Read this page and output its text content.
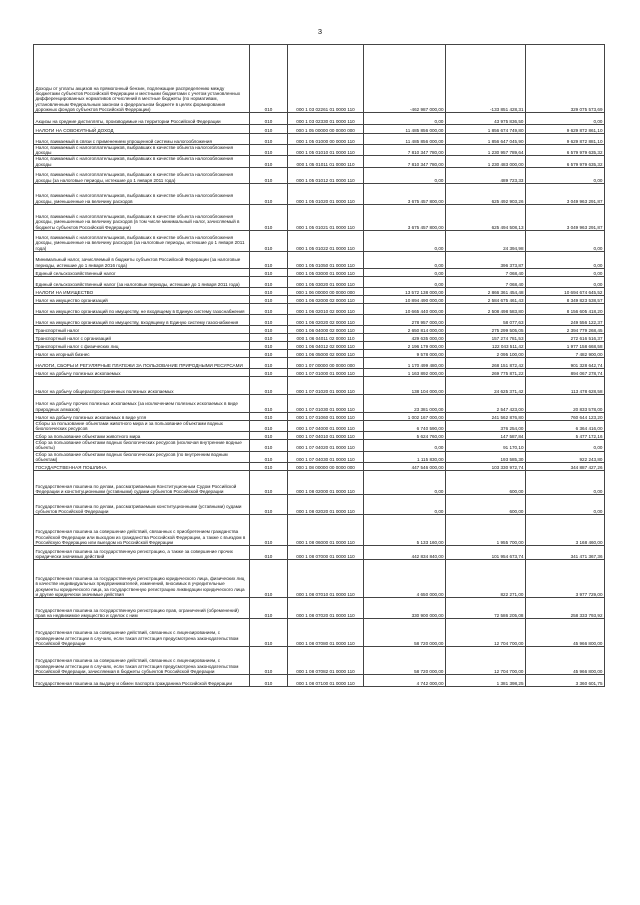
3
Доходы от уплаты акцизов на прямогонный бензин, подлежащие распределению между бюджетами субъектов Российской Федерации и местными бюджетами с учетом установленных дифференцированных нормативов отчислений в местные бюджеты (по нормативам, установленным Федеральным законом о федеральном бюджете в целях формирования дорожных фондов субъектов Российской Федерации)	010	000 1 03 02261 01 0000 110	-462 987 000,00	-133 851 428,31	329 075 573,69
Акцизы на средние дистилляты, производимые на территории Российской Федерации	010	000 1 03 02330 01 0000 110	0,00	43 975 836,50	0,00
НАЛОГИ НА СОВОКУПНЫЙ ДОХОД	010	000 1 05 00000 00 0000 000	11 485 856 000,00	1 856 674 749,80	9 629 872 861,10
Налог, взимаемый в связи с применением упрощенной системы налогообложения	010	000 1 05 01000 00 0000 110	11 485 856 000,00	1 856 647 045,90	9 629 872 881,10
Налог, взимаемый с налогоплательщиков, выбравших в качестве объекта налогообложения доходы	010	000 1 05 01010 01 0000 110	7 810 347 780,00	1 230 957 789,64	6 579 979 635,32
Налог, взимаемый с налогоплательщиков, выбравших в качестве объекта налогообложения доходы	010	000 1 05 01011 01 0000 110	7 810 347 780,00	1 230 483 000,00	6 579 979 635,32
Налог, взимаемый с налогоплательщиков, выбравших в качестве объекта налогообложения доходы (за налоговые периоды, истекшие до 1 января 2011 года)	010	000 1 05 01012 01 0000 110	0,00	489 723,33	0,00
Налог, взимаемый с налогоплательщиков, выбравших в качестве объекта налогообложения доходы, уменьшенные на величину расходов	010	000 1 05 01020 01 0000 110	3 675 457 800,00	625 492 903,26	3 049 963 291,87
Налог, взимаемый с налогоплательщиков, выбравших в качестве объекта налогообложения доходы, уменьшенные на величину расходов (в том числе минимальный налог, зачисляемый в бюджеты субъектов Российской Федерации)	010	000 1 05 01021 01 0000 110	3 675 457 800,00	625 494 508,13	3 049 963 291,87
Налог, взимаемый с налогоплательщиков, выбравших в качестве объекта налогообложения доходы, уменьшенные на величину расходов (за налоговые периоды, истекшие до 1 января 2011 года)	010	000 1 05 01022 01 0000 110	0,00	24 394,98	0,00
Минимальный налог, зачисляемый в бюджеты субъектов Российской Федерации (за налоговые периоды, истекшие до 1 января 2016 года)	010	000 1 05 01050 01 0000 110	0,00	396 373,87	0,00
Единый сельскохозяйственный налог	010	000 1 05 03000 01 0000 110	0,00	7 068,40	0,00
Единый сельскохозяйственный налог (за налоговые периоды, истекшие до 1 января 2011 года)	010	000 1 05 03020 01 0000 110	0,00	7 068,40	0,00
НАЛОГИ НА ИМУЩЕСТВО	010	000 1 06 00000 00 0000 000	13 572 138 000,00	2 866 361 454,48	10 694 674 645,52
Налог на имущество организаций	010	000 1 06 02000 02 0000 110	10 894 490 000,00	2 584 675 461,43	8 349 823 538,57
Налог на имущество организаций по имуществу, не входящему в Единую систему газоснабжения	010	000 1 06 02010 02 0000 110	10 665 440 000,00	2 508 498 583,80	8 156 605 418,20
Налог на имущество организаций по имуществу, входящему в Единую систему газоснабжения	010	000 1 06 02020 02 0000 110	278 957 000,00	58 077,63	249 556 122,37
Транспортный налог	010	000 1 06 04000 02 0000 110	2 650 814 000,00	275 299 505,05	2 394 779 268,45
Транспортный налог с организаций	010	000 1 06 04011 02 0000 110	429 635 000,00	157 274 781,53	272 616 516,37
Транспортный налог с физических лиц	010	000 1 06 04012 02 0000 110	2 196 179 000,00	122 043 511,42	1 977 158 668,58
Налог на игорный бизнес	010	000 1 06 05000 02 0000 110	9 578 000,00	2 095 100,00	7 482 900,00
НАЛОГИ, СБОРЫ И РЕГУЛЯРНЫЕ ПЛАТЕЖИ ЗА ПОЛЬЗОВАНИЕ ПРИРОДНЫМИ РЕСУРСАМИ	010	000 1 07 00000 00 0000 000	1 170 499 480,00	268 151 872,42	901 328 642,74
Налог на добычу полезных ископаемых	010	000 1 07 01000 01 0000 110	1 163 892 000,00	269 775 871,22	894 067 278,74
Налог на добычу общераспространенных полезных ископаемых	010	000 1 07 01020 01 0000 110	138 104 000,00	24 625 371,42	113 478 628,58
Налог на добычу прочих полезных ископаемых (за исключением полезных ископаемых в виде природных алмазов)	010	000 1 07 01030 01 0000 110	23 381 000,00	2 547 423,00	20 833 578,00
Налог на добычу полезных ископаемых в виде угля	010	000 1 07 01060 01 0000 110	1 002 167 000,00	241 562 876,80	760 644 123,20
Сборы за пользование объектами животного мира и за пользование объектами водных биологических ресурсов	010	000 1 07 04000 01 0000 110	6 740 590,00	376 254,00	6 364 416,00
Сбор за пользование объектами животного мира	010	000 1 07 04010 01 0000 110	5 624 760,00	147 587,84	5 477 172,16
Сбор за пользование объектами водных биологических ресурсов (исключая внутренние водные объекты)	010	000 1 07 04020 01 0000 110	0,00	91 170,10	0,00
Сбор за пользование объектами водных биологических ресурсов (по внутренним водным объектам)	010	000 1 07 04030 01 0000 110	1 115 830,00	193 585,30	922 243,80
ГОСУДАРСТВЕННАЯ ПОШЛИНА	010	000 1 08 00000 00 0000 000	447 546 000,00	103 330 972,74	344 887 427,26
Государственная пошлина по делам, рассматриваемым Конституционным Судом Российской Федерации и конституционными (уставными) судами субъектов Российской Федерации	010	000 1 08 02000 01 0000 110	0,00	600,00	0,00
Государственная пошлина по делам, рассматриваемым конституционными (уставными) судами субъектов Российской Федерации	010	000 1 08 02020 01 0000 110	0,00	600,00	0,00
Государственная пошлина за совершение действий, связанных с приобретением гражданства Российской Федерации или выходом из гражданства Российской Федерации, а также с въездом в Российскую Федерацию или выездом из Российской Федерации	010	000 1 08 06000 01 0000 110	5 133 160,00	1 955 700,00	3 168 460,00
Государственная пошлина за государственную регистрацию, а также за совершение прочих юридически значимых действий	010	000 1 08 07000 01 0000 110	442 834 840,00	101 954 673,74	341 471 367,36
Государственная пошлина за государственную регистрацию юридического лица, физических лиц в качестве индивидуальных предпринимателей, изменений, вносимых в учредительные документы юридического лица, за государственную регистрацию ликвидации юридического лица и другие юридически значимые действия	010	000 1 08 07010 01 0000 110	4 650 000,00	822 271,00	3 977 729,00
Государственная пошлина за государственную регистрацию прав, ограничений (обременений) прав на недвижимое имущество и сделок с ним	010	000 1 08 07020 01 0000 110	330 900 000,00	72 586 205,08	258 333 793,92
Государственная пошлина за совершение действий, связанных с лицензированием, с проведением аттестации в случаях, если такая аттестация предусмотрена законодательством Российской Федерации	010	000 1 08 07080 01 0000 110	58 720 000,00	12 704 700,00	45 966 800,00
Государственная пошлина за совершение действий, связанных с лицензированием, с проведением аттестации в случаях, если такая аттестация предусмотрена законодательством Российской Федерации, зачисляемая в бюджеты субъектов Российской Федерации	010	000 1 08 07082 01 0000 110	58 720 000,00	12 704 700,00	45 966 800,00
Государственная пошлина за выдачу и обмен паспорта гражданина Российской Федерации	010	000 1 08 07100 01 0000 110	4 742 000,00	1 381 398,25	3 360 601,75
